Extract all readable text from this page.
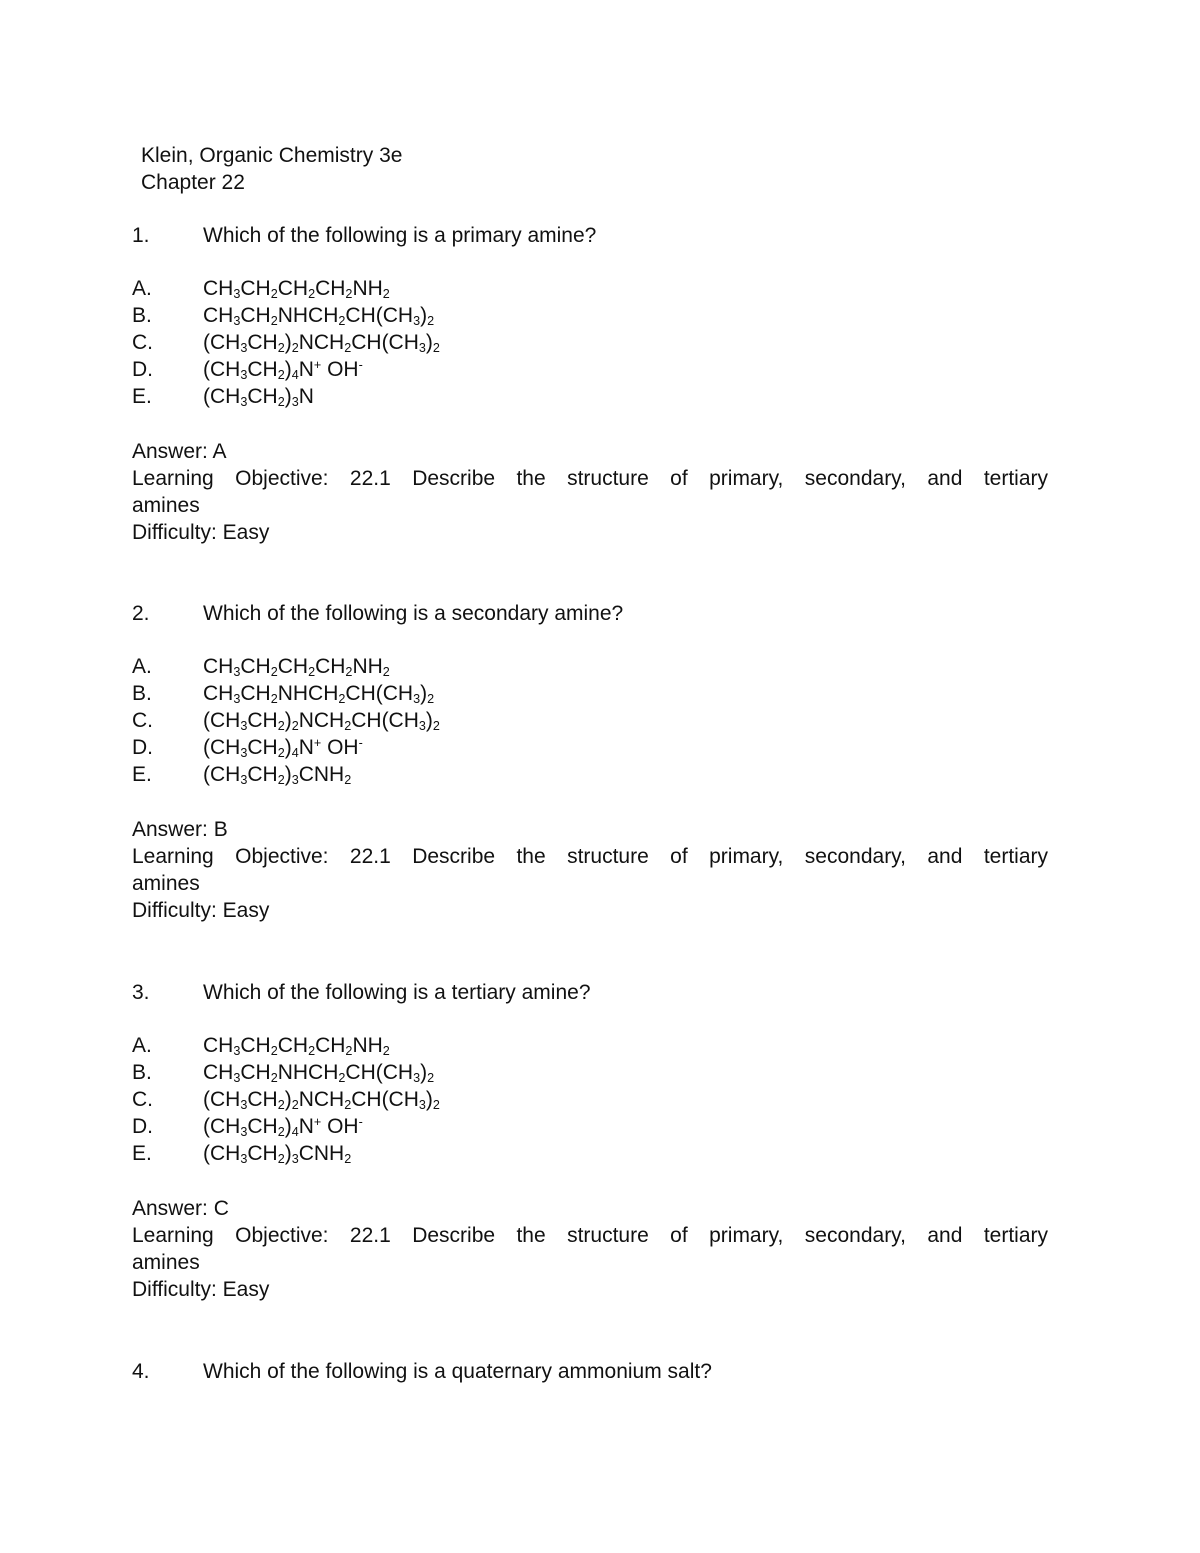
Klein, Organic Chemistry 3e
Chapter 22
1.	Which of the following is a primary amine?
A. $CH_3CH_2CH_2CH_2NH_2$
B. $CH_3CH_2NHCH_2CH(CH_3)_2$
C. $(CH_3CH_2)_2NCH_2CH(CH_3)_2$
D. $(CH_3CH_2)_4N^+$ OH-
E. $(CH_3CH_2)_3N$
Answer: A
Learning Objective: 22.1 Describe the structure of primary, secondary, and tertiary
amines
Difficulty: Easy
2.	Which of the following is a secondary amine?
A. $CH_3CH_2CH_2CH_2NH_2$
B. $CH_3CH_2NHCH_2CH(CH_3)_2$
C. $(CH_3CH_2)_2NCH_2CH(CH_3)_2$
D. $(CH_3CH_2)_4N^+$ OH-
E. $(CH_3CH_2)_3CNH_2$
Answer: B
Learning Objective: 22.1 Describe the structure of primary, secondary, and tertiary
amines
Difficulty: Easy
3.	Which of the following is a tertiary amine?
A. $CH_3CH_2CH_2CH_2NH_2$
B. $CH_3CH_2NHCH_2CH(CH_3)_2$
C. $(CH_3CH_2)_2NCH_2CH(CH_3)_2$
D. $(CH_3CH_2)_4N^+$ OH-
E. $(CH_3CH_2)_3CNH_2$
Answer: C
Learning Objective: 22.1 Describe the structure of primary, secondary, and tertiary
amines
Difficulty: Easy
4.	Which of the following is a quaternary ammonium salt?
